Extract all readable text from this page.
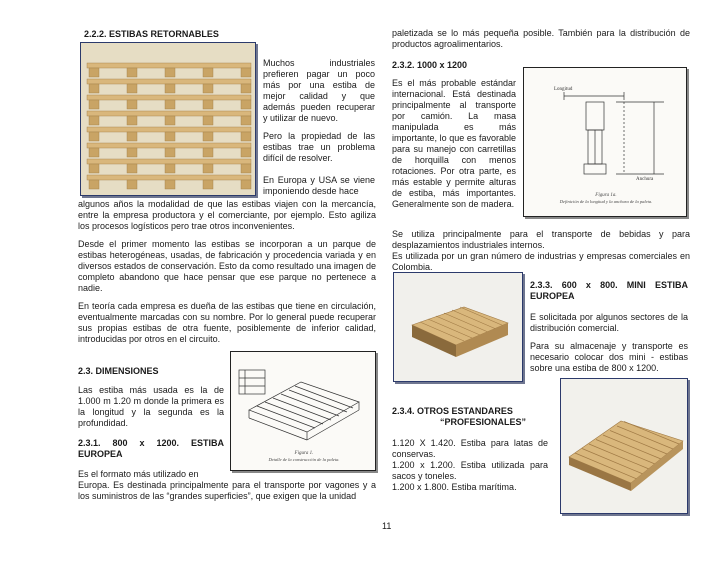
2.2.2. ESTIBAS RETORNABLES

Muchos industriales prefieren pagar un poco más por una estiba de mejor calidad y que además pueden recuperar y utilizar de nuevo.

Pero la propiedad de las estibas trae un problema difícil de resolver.

En Europa y USA se viene imponiendo desde hace

algunos años la modalidad de que las estibas viajen con la mercancía, entre la empresa productora y el comerciante, por ejemplo. Esto agiliza los procesos logísticos pero trae otros inconvenientes.

Desde el primer momento las estibas se incorporan a un parque de estibas heterogéneas, usadas, de fabricación y procedencia variada y en diversos estados de conservación. Esto da como resultado una imagen de completo abandono que hace pensar que ese parque no pertenece a nadie.

En teoría cada empresa es dueña de las estibas que tiene en circulación, eventualmente marcadas con su nombre. Por lo general puede recuperar sus propias estibas de otra fuente, posiblemente de inferior calidad, introducidas por otros en el circuito.

Figura 1.
Detalle de la construcción de la paleta.

2.3. DIMENSIONES

Las estiba más usada es la de 1.000 m 1.20 m donde la primera es la longitud y la segunda es la profundidad.

2.3.1. 800 x 1200. ESTIBA EUROPEA

Es el formato más utilizado en

Europa. Es destinada principalmente para el transporte por vagones y a los suministros de las “grandes superficies”, que exigen que la unidad

paletizada se lo más pequeña posible. También para la distribución de productos agroalimentarios.

2.3.2. 1000 x 1200

Es el más probable estándar internacional. Está destinada principalmente al transporte por camión. La masa manipulada es más importante, lo que es favorable para su manejo con carretillas de horquilla con menos rotaciones. Por otra parte, es más estable y permite alturas de estiba, más importantes. Generalmente son de madera.

Longitud
Anchura
Figura 1a.
Definición de la longitud y la anchura de la paleta.

Se utiliza principalmente para el transporte de bebidas y para desplazamientos industriales internos.

Es utilizada por un gran número de industrias y empresas comerciales en Colombia.

2.3.3. 600 x 800. MINI ESTIBA EUROPEA

E solicitada por algunos sectores de la distribución comercial.

Para su almacenaje y transporte es necesario colocar dos mini - estibas sobre una estiba de 800 x 1200.

2.3.4. OTROS ESTANDARES

“PROFESIONALES”

1.120 X 1.420. Estiba para latas de conservas.

1.200 x 1.200. Estiba utilizada para sacos y toneles.

1.200 x 1.800. Estiba marítima.

11
